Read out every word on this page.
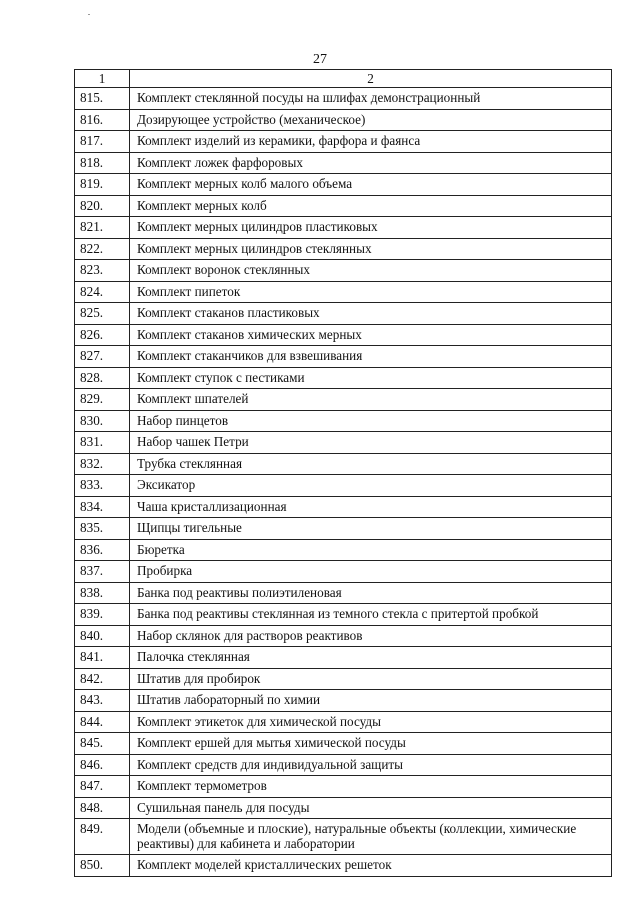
27
1	2
815.	Комплект стеклянной посуды на шлифах демонстрационный
816.	Дозирующее устройство (механическое)
817.	Комплект изделий из керамики, фарфора и фаянса
818.	Комплект ложек фарфоровых
819.	Комплект мерных колб малого объема
820.	Комплект мерных колб
821.	Комплект мерных цилиндров пластиковых
822.	Комплект мерных цилиндров стеклянных
823.	Комплект воронок стеклянных
824.	Комплект пипеток
825.	Комплект стаканов пластиковых
826.	Комплект стаканов химических мерных
827.	Комплект стаканчиков для взвешивания
828.	Комплект ступок с пестиками
829.	Комплект шпателей
830.	Набор пинцетов
831.	Набор чашек Петри
832.	Трубка стеклянная
833.	Эксикатор
834.	Чаша кристаллизационная
835.	Щипцы тигельные
836.	Бюретка
837.	Пробирка
838.	Банка под реактивы полиэтиленовая
839.	Банка под реактивы стеклянная из темного стекла с притертой пробкой
840.	Набор склянок для растворов реактивов
841.	Палочка стеклянная
842.	Штатив для пробирок
843.	Штатив лабораторный по химии
844.	Комплект этикеток для химической посуды
845.	Комплект ершей для мытья химической посуды
846.	Комплект средств для индивидуальной защиты
847.	Комплект термометров
848.	Сушильная панель для посуды
849.	Модели (объемные и плоские), натуральные объекты (коллекции, химические реактивы) для кабинета и лаборатории
850.	Комплект моделей кристаллических решеток
